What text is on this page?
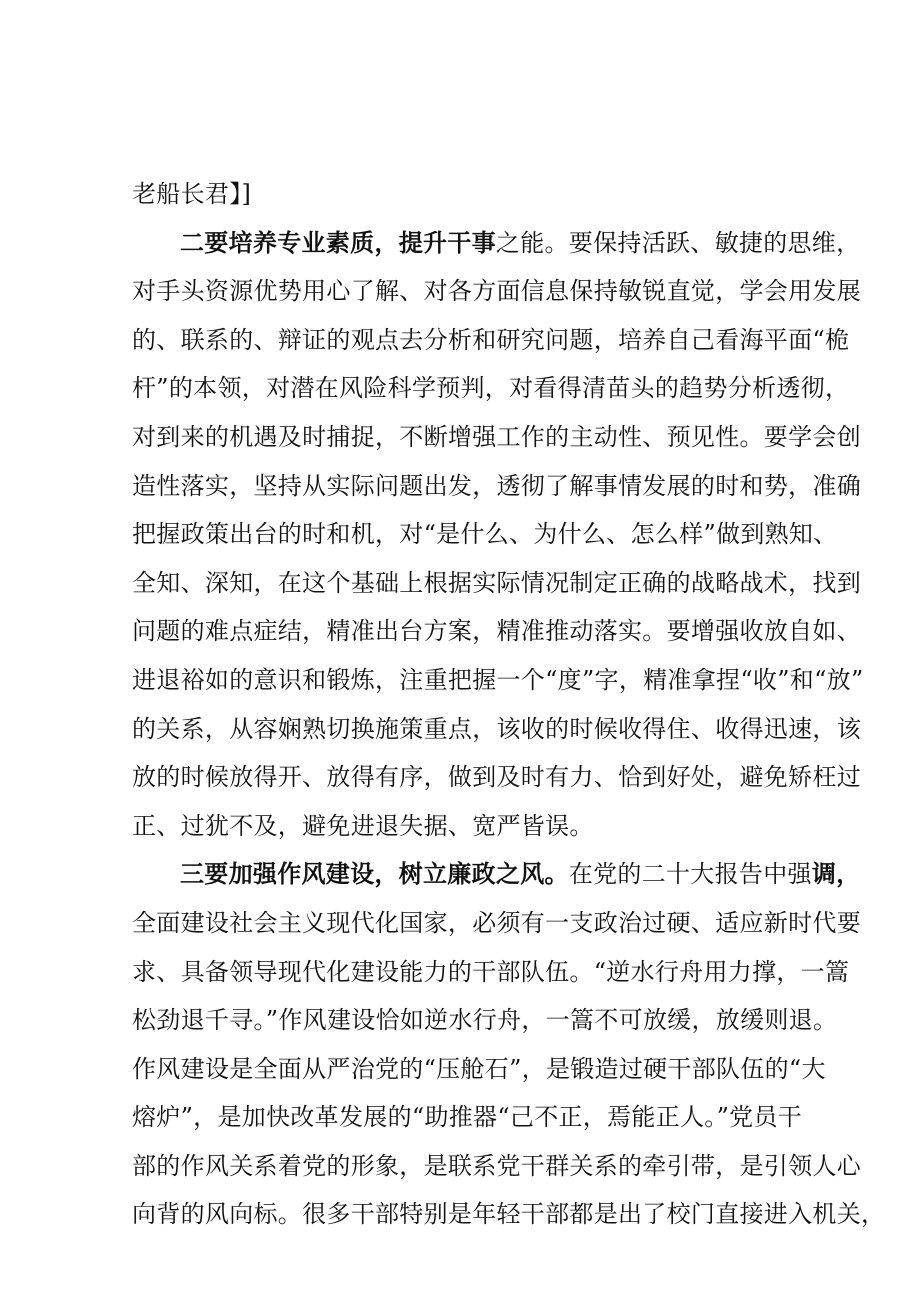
老船长君】]
二要培养专业素质，提升干事之能。要保持活跃、敏捷的思维，
对手头资源优势用心了解、对各方面信息保持敏锐直觉，学会用发展
的、联系的、辩证的观点去分析和研究问题，培养自己看海平面“桅
杆”的本领，对潜在风险科学预判，对看得清苗头的趋势分析透彻，
对到来的机遇及时捕捉，不断增强工作的主动性、预见性。要学会创
造性落实，坚持从实际问题出发，透彻了解事情发展的时和势，准确
把握政策出台的时和机，对“是什么、为什么、怎么样”做到熟知、
全知、深知，在这个基础上根据实际情况制定正确的战略战术，找到
问题的难点症结，精准出台方案，精准推动落实。要增强收放自如、
进退裕如的意识和锻炼，注重把握一个“度”字，精准拿捏“收”和“放”
的关系，从容娴熟切换施策重点，该收的时候收得住、收得迅速，该
放的时候放得开、放得有序，做到及时有力、恰到好处，避免矫枉过
正、过犹不及，避免进退失据、宽严皆误。
三要加强作风建设，树立廉政之风。在党的二十大报告中强调，
全面建设社会主义现代化国家，必须有一支政治过硬、适应新时代要
求、具备领导现代化建设能力的干部队伍。“逆水行舟用力撑，一篙
松劲退千寻。”作风建设恰如逆水行舟，一篙不可放缓，放缓则退。
作风建设是全面从严治党的“压舱石”，是锻造过硬干部队伍的“大
熔炉”，是加快改革发展的“助推器“己不正，焉能正人。”党员干
部的作风关系着党的形象，是联系党干群关系的牵引带，是引领人心
向背的风向标。很多干部特别是年轻干部都是出了校门直接进入机关，
